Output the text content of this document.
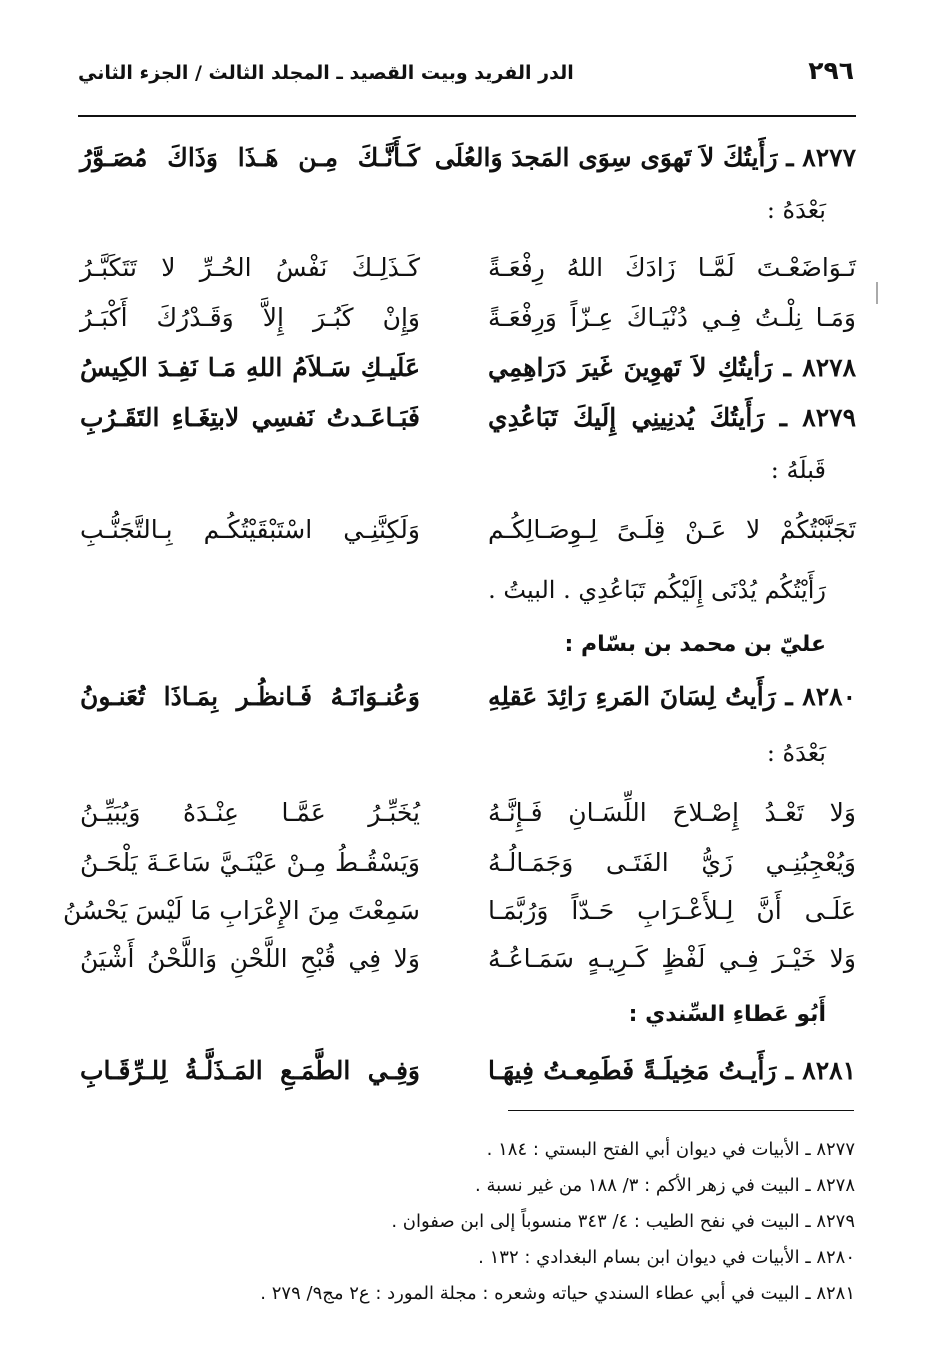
٢٩٦
الدر الفريد وبيت القصيد ـ المجلد الثالث / الجزء الثاني
٨٢٧٧ ـ رَأَيتُكَ لاَ تَهوَى سِوَى المَجدَ وَالعُلَى
كَـأَنَّـكَ مِـن هَـذَا وَذَاكَ مُصَـوَّرُ
بَعْدَهُ :
تَـوَاضَعْـتَ لَمَّـا زَادَكَ اللهُ رِفْعَـةً
كَـذَلِـكَ نَفْسُ الحُـرِّ لا تَتَكَبَّـرُ
وَمَـا نِلْـتُ فِـي دُنْيَـاكَ عِـزّاً وَرِفْعَـةً
وَإِنْ كَبُـرَ إِلاَّ وَقَـدْرُكَ أَكْبَـرُ
٨٢٧٨ ـ رَأيتُكِ لاَ تَهوِينَ غَيرَ دَرَاهِمِي
عَلَيـكِ سَـلاَمُ اللهِ مَـا نَفِـدَ الكِيسُ
٨٢٧٩ ـ رَأَيتُكَ يُدنِينِي إِلَيكَ تَبَاعُدِي
فَبَـاعَـدتُ نَفسِي لابتِغَـاءِ التَقَـرُبِ
قَبلَهُ :
تَجَنَّبْتُكُمْ لا عَـنْ قِلَـىً لِـوِصَـالِكُـم
وَلَكِنَّنِـي اسْتَبْقَيْتُكُـم بِـالتَّجَنُّـبِ
رَأَيْتُكُم يُدْنَى إِلَيْكُم تَبَاعُدِي . البيتُ .
عليّ بن محمد بن بسّام :
٨٢٨٠ ـ رَأَيتُ لِسَانَ المَرءِ رَائِدَ عَقلِهِ
وَعُنـوَانَـهُ فَـانظُـر بِمَـاذَا تُعَنـونُ
بَعْدَهُ :
وَلا تَعْـدُ إِصْـلاحَ اللِّسَـانِ فَـإِنَّـهُ
يُخَبِّـرُ عَمَّـا عِنْـدَهُ وَيُبَيِّـنُ
وَيُعْجِبُنِـي زَيُّ الفَتَـى وَجَمَـالُـهُ
وَيَسْقُـطُ مِـنْ عَيْنَـيَّ سَاعَـةَ يَلْحَـنُ
عَلَـى أَنَّ لِـلأَعْـرَابِ حَـدّاً وَرُبَّمَـا
سَمِعْتَ مِنَ الإِعْرَابِ مَا لَيْسَ يَحْسُنُ
وَلا خَيْـرَ فِـي لَفْظٍ كَـرِيـهٍ سَمَـاعُـهُ
وَلا فِي قُبْحِ اللَّحْنِ وَاللَّحْنُ أَشْيَنُ
أَبُو عَطاءِ السِّندي :
٨٢٨١ ـ رَأَيـتُ مَخِيلَـةً فَطَمِعـتُ فِيهَـا
وَفِـي الطَّمَـعِ المَـذَلَّـةُ لِلـرِّقَـابِ
٨٢٧٧ ـ الأبيات في ديوان أبي الفتح البستي : ١٨٤ .
٨٢٧٨ ـ البيت في زهر الأكم : ٣/ ١٨٨ من غير نسبة .
٨٢٧٩ ـ البيت في نفح الطيب : ٤/ ٣٤٣ منسوباً إلى ابن صفوان .
٨٢٨٠ ـ الأبيات في ديوان ابن بسام البغدادي : ١٣٢ .
٨٢٨١ ـ البيت في أبي عطاء السندي حياته وشعره : مجلة المورد : ع٢ مج٩/ ٢٧٩ .
